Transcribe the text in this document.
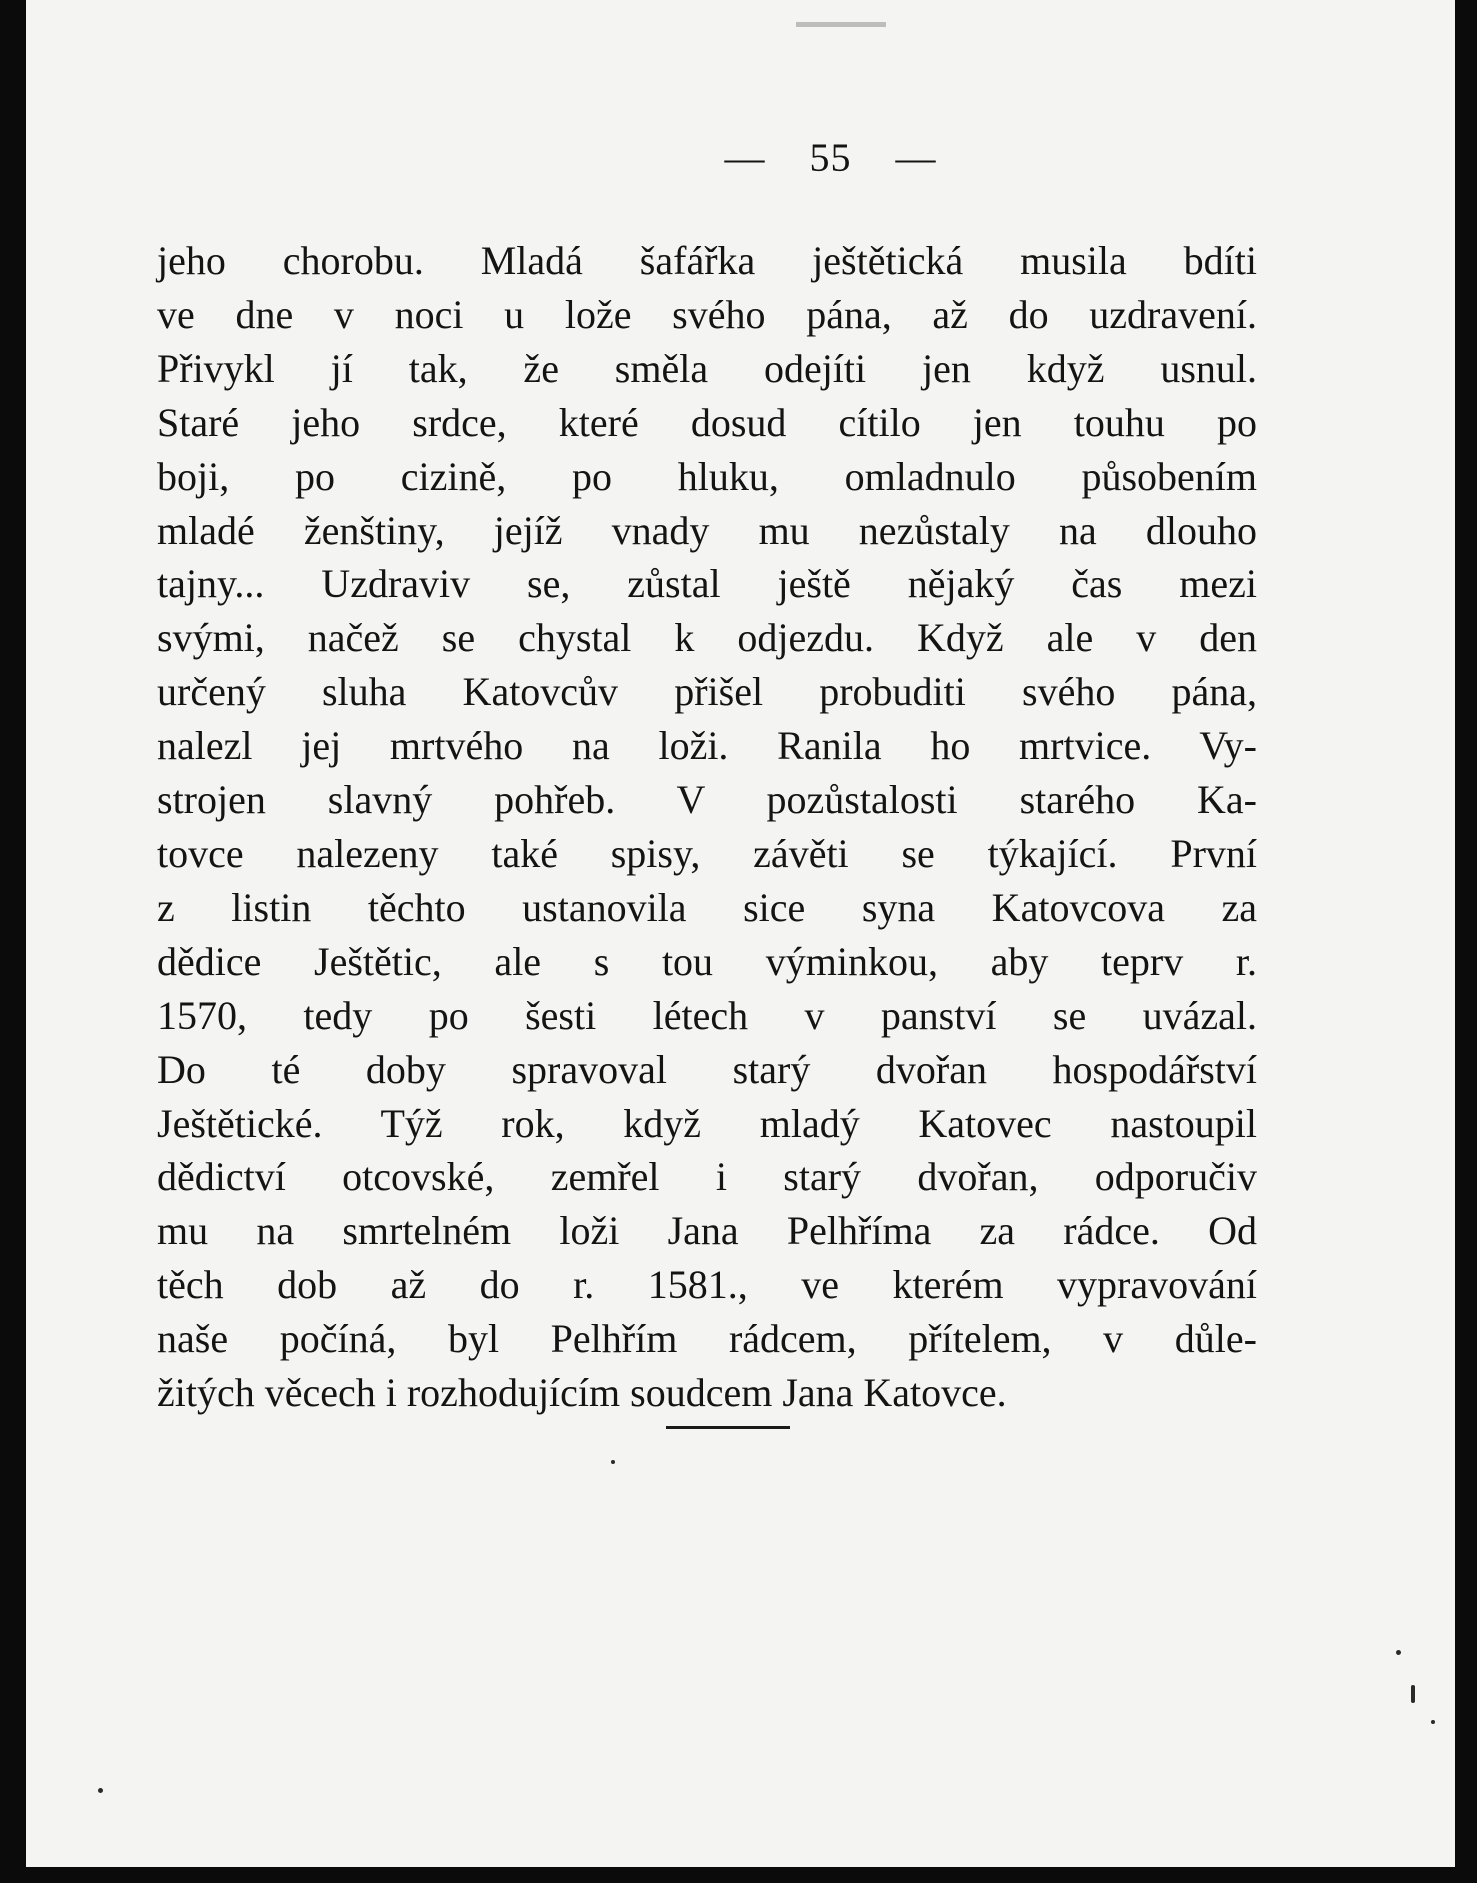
— 55 —
jeho chorobu. Mladá šafářka ještětická musila bdíti
ve dne v noci u lože svého pána, až do uzdravení.
Přivykl jí tak, že směla odejíti jen když usnul.
Staré jeho srdce, které dosud cítilo jen touhu po
boji, po cizině, po hluku, omladnulo působením
mladé ženštiny, jejíž vnady mu nezůstaly na dlouho
tajny... Uzdraviv se, zůstal ještě nějaký čas mezi
svými, načež se chystal k odjezdu. Když ale v den
určený sluha Katovcův přišel probuditi svého pána,
nalezl jej mrtvého na loži. Ranila ho mrtvice. Vy-
strojen slavný pohřeb. V pozůstalosti starého Ka-
tovce nalezeny také spisy, závěti se týkající. První
z listin těchto ustanovila sice syna Katovcova za
dědice Ještětic, ale s tou výminkou, aby teprv r.
1570, tedy po šesti létech v panství se uvázal.
Do té doby spravoval starý dvořan hospodářství
Ještětické. Týž rok, když mladý Katovec nastoupil
dědictví otcovské, zemřel i starý dvořan, odporučiv
mu na smrtelném loži Jana Pelhříma za rádce. Od
těch dob až do r. 1581., ve kterém vypravování
naše počíná, byl Pelhřím rádcem, přítelem, v důle-
žitých věcech i rozhodujícím soudcem Jana Katovce.
